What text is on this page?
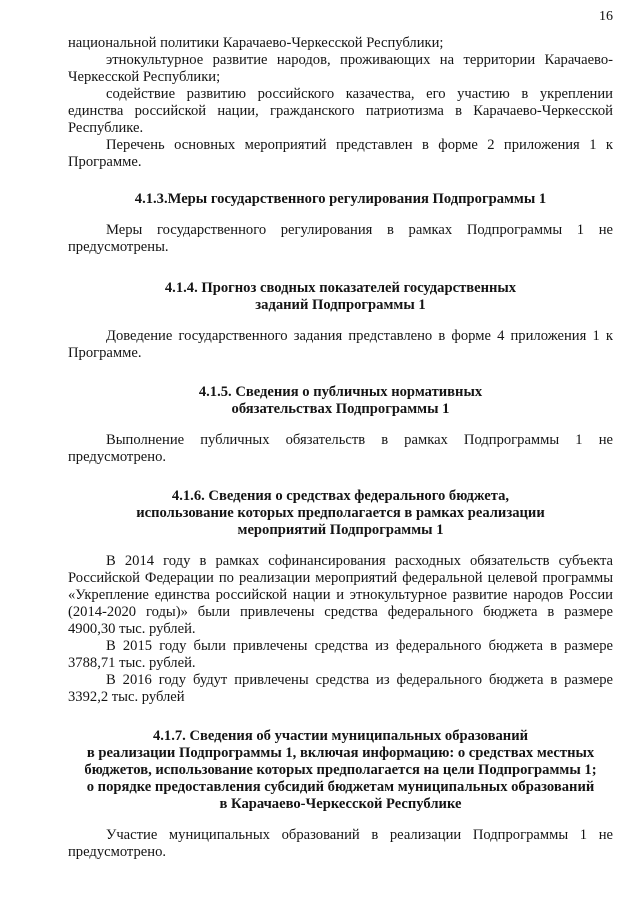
16

национальной политики Карачаево-Черкесской Республики;

этнокультурное развитие народов, проживающих на территории Карачаево-Черкесской Республики;

содействие развитию российского казачества, его участию в укреплении единства российской нации, гражданского патриотизма в Карачаево-Черкесской Республике.

Перечень основных мероприятий представлен в форме 2 приложения 1 к Программе.

4.1.3.Меры государственного регулирования Подпрограммы 1

Меры государственного регулирования в рамках Подпрограммы 1 не предусмотрены.

4.1.4. Прогноз сводных показателей государственных
заданий Подпрограммы 1

Доведение государственного задания представлено в форме 4 приложения 1 к Программе.

4.1.5. Сведения о публичных нормативных
обязательствах Подпрограммы 1

Выполнение публичных обязательств в рамках Подпрограммы 1 не предусмотрено.

4.1.6. Сведения о средствах федерального бюджета,
использование которых предполагается в рамках реализации
мероприятий Подпрограммы 1

В 2014 году в рамках софинансирования расходных обязательств субъекта Российской Федерации по реализации мероприятий федеральной целевой программы «Укрепление единства российской нации и этнокультурное развитие народов России (2014-2020 годы)» были привлечены средства федерального бюджета в размере 4900,30 тыс. рублей.

В 2015 году были привлечены средства из федерального бюджета в размере 3788,71 тыс. рублей.

В 2016 году будут привлечены средства из федерального бюджета в размере 3392,2 тыс. рублей

4.1.7. Сведения об участии муниципальных образований
в реализации Подпрограммы 1, включая информацию: о средствах местных
бюджетов, использование которых предполагается на цели Подпрограммы 1;
о порядке предоставления субсидий бюджетам муниципальных образований
в Карачаево-Черкесской Республике

Участие муниципальных образований в реализации Подпрограммы 1 не предусмотрено.
